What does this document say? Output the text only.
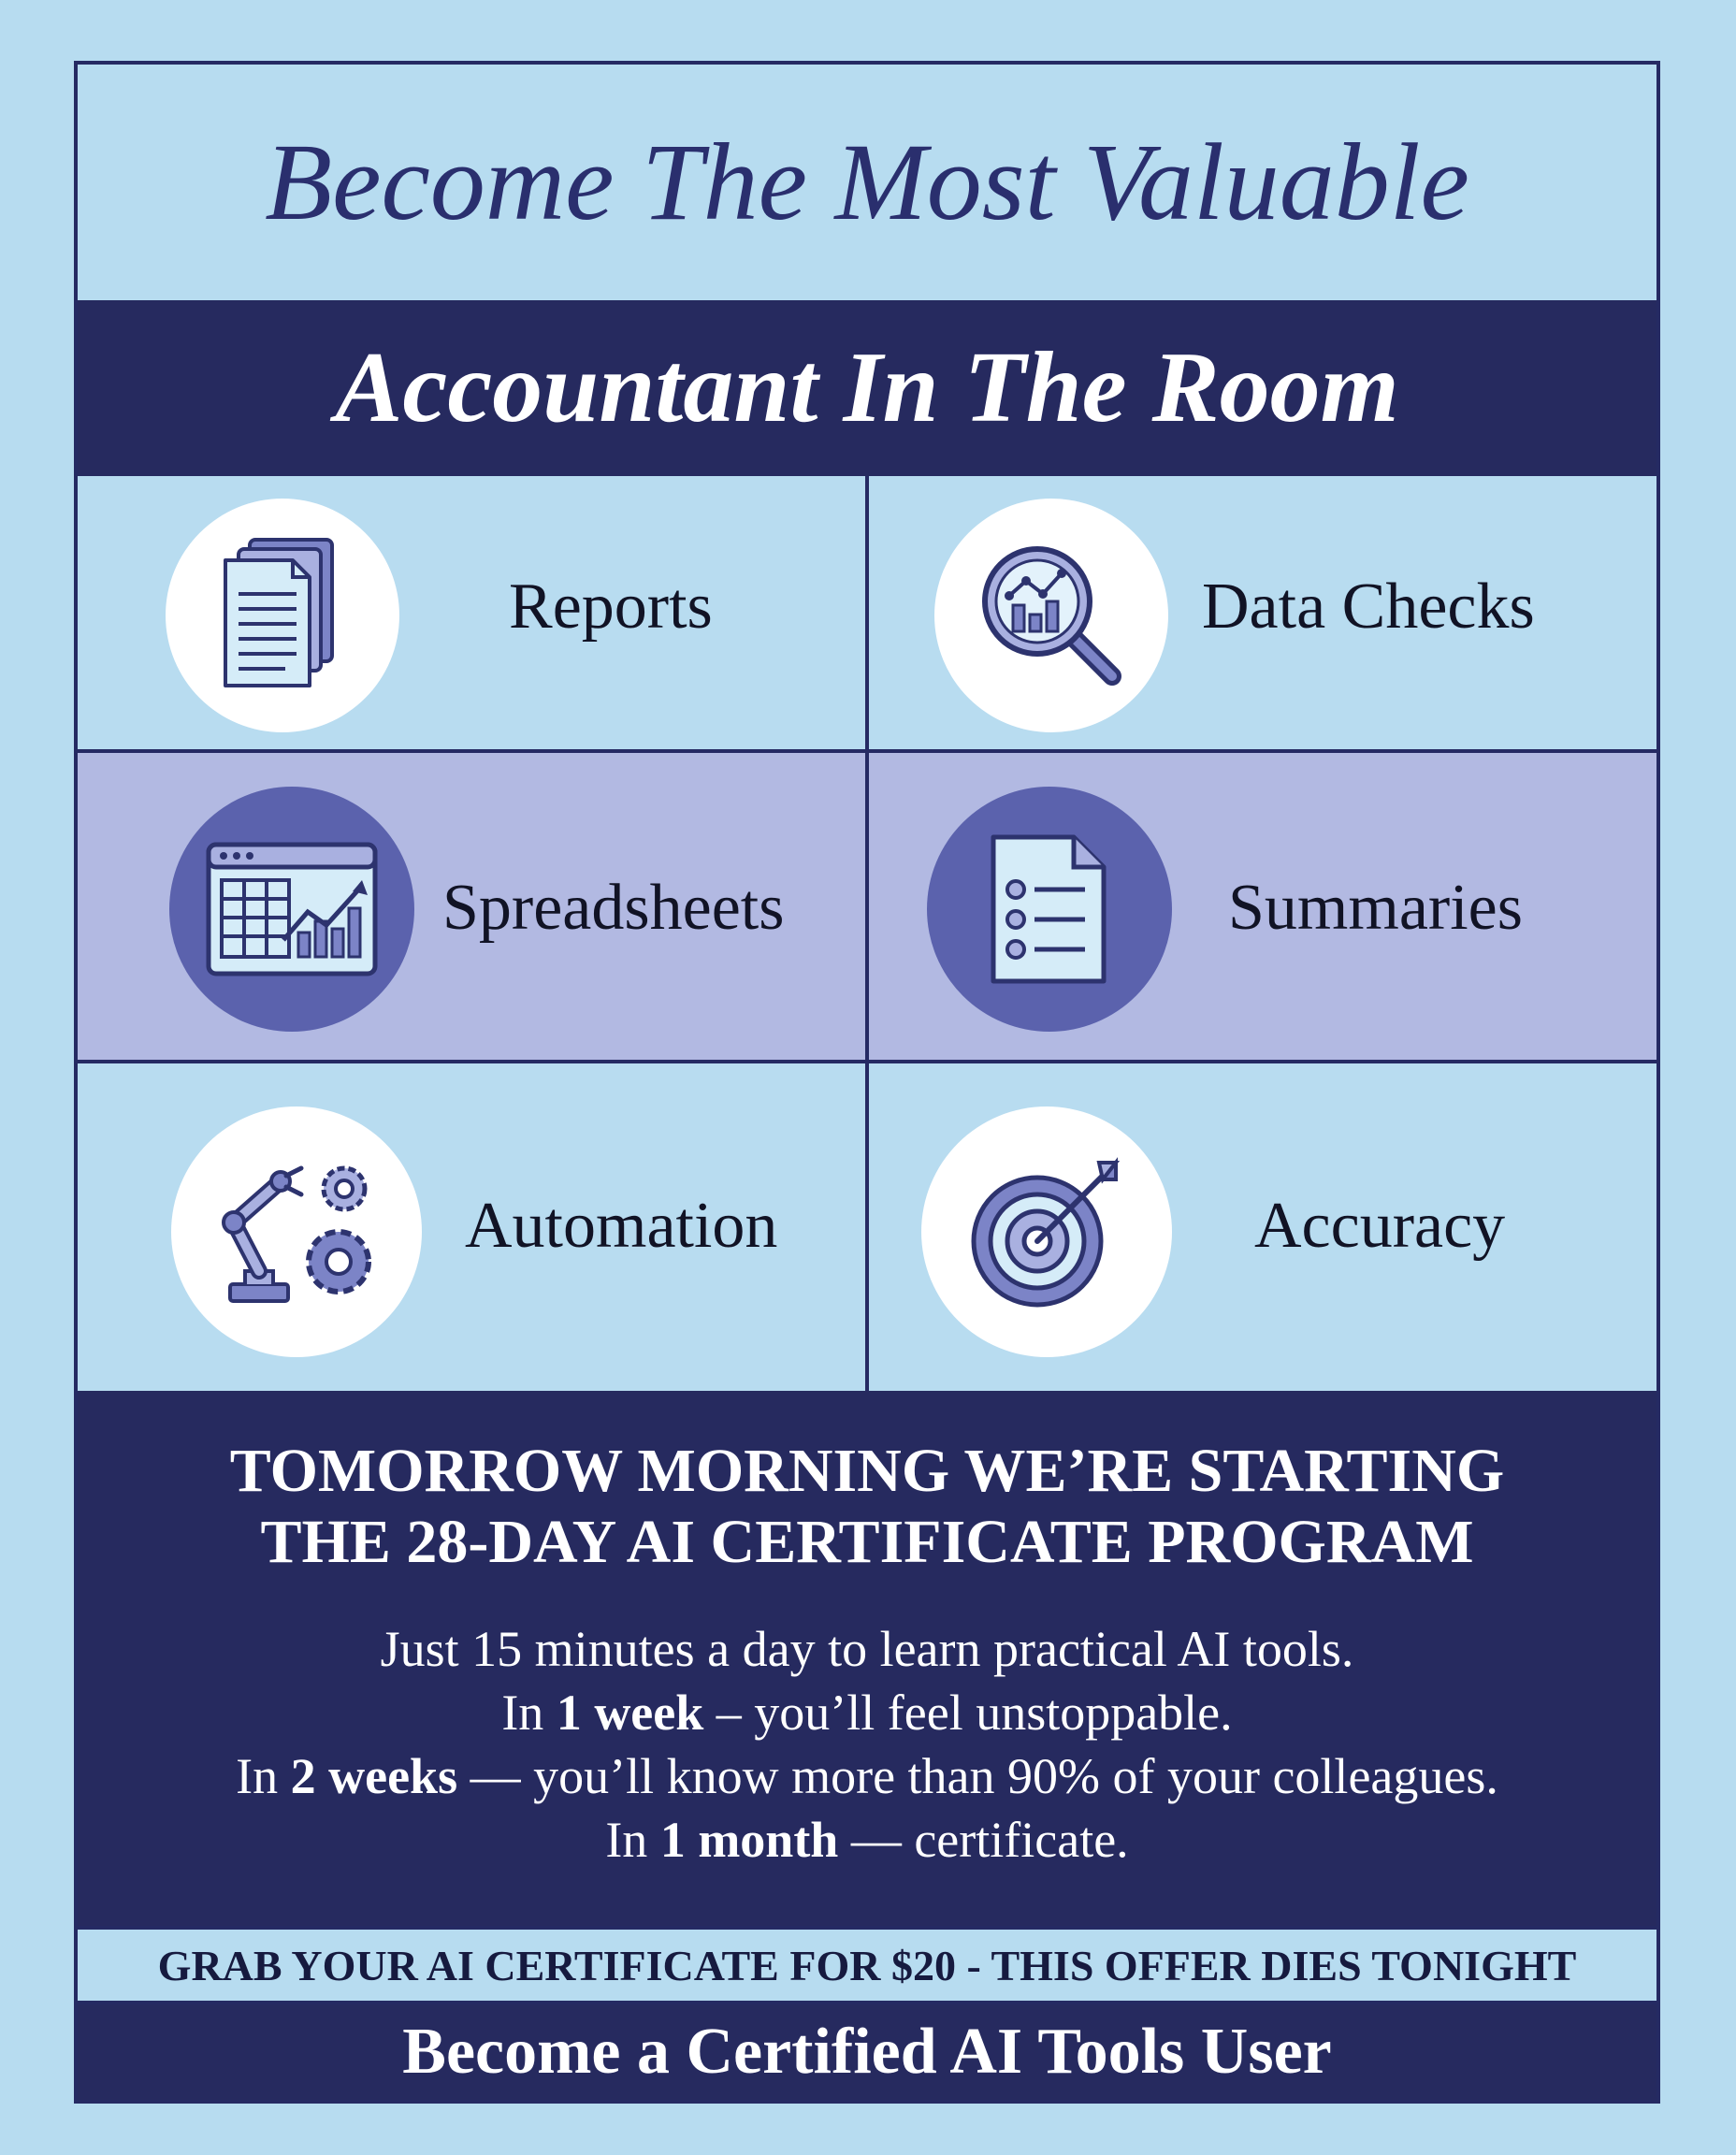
Become The Most Valuable
Accountant In The Room
Reports	Data Checks
Spreadsheets	Summaries
Automation	Accuracy
TOMORROW MORNING WE’RE STARTING
THE 28-DAY AI CERTIFICATE PROGRAM
Just 15 minutes a day to learn practical AI tools.
In 1 week – you’ll feel unstoppable.
In 2 weeks — you’ll know more than 90% of your colleagues.
In 1 month — certificate.
GRAB YOUR AI CERTIFICATE FOR $20 - THIS OFFER DIES TONIGHT
Become a Certified AI Tools User
